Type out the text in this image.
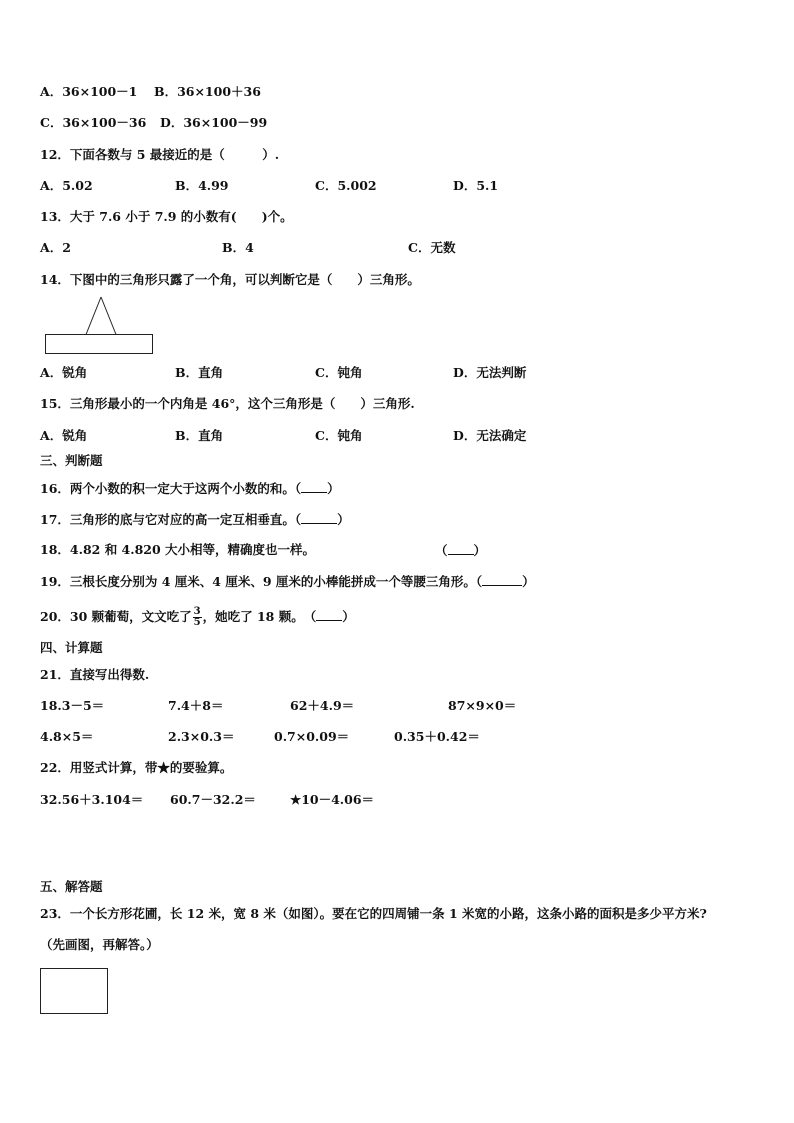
A．36×100－1 B．36×100＋36
C．36×100－36 D．36×100－99
12．下面各数与 5 最接近的是（　　　）.
A．5.02	B．4.99	C．5.002	D．5.1
13．大于 7.6 小于 7.9 的小数有(　　)个。
A．2	B．4	C．无数
14．下图中的三角形只露了一个角，可以判断它是（　　）三角形。
A．锐角	B．直角	C．钝角	D．无法判断
15．三角形最小的一个内角是 46°，这个三角形是（　　）三角形.
A．锐角	B．直角	C．钝角	D．无法确定
三、判断题
16．两个小数的积一定大于这两个小数的和。（ ）
17．三角形的底与它对应的高一定互相垂直。（	）
18．4.82 和 4.820 大小相等，精确度也一样。	（ ）
19．三根长度分别为 4 厘米、4 厘米、9 厘米的小棒能拼成一个等腰三角形。（	）
20．30 颗葡萄，文文吃了 $\frac{3}{5}$ ，她吃了 18 颗。　（ ）
四、计算题
21．直接写出得数.
18.3－5＝	7.4＋8＝	62＋4.9＝	87×9×0＝
4.8×5＝	2.3×0.3＝	0.7×0.09＝	0.35＋0.42＝
22．用竖式计算，带★的要验算。
32.56＋3.104＝ 60.7－32.2＝	★10－4.06＝
五、解答题
23．一个长方形花圃，长 12 米，宽 8 米（如图）。要在它的四周铺一条 1 米宽的小路，这条小路的面积是多少平方米?
（先画图，再解答。）
